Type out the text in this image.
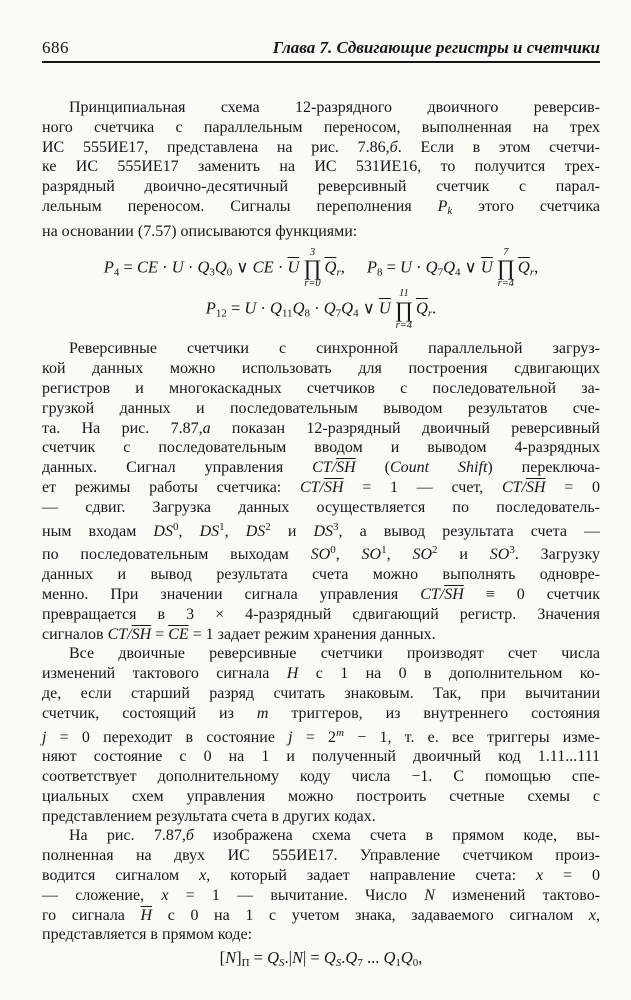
686	Глава 7. Сдвигающие регистры и счетчики
Принципиальная схема 12-разрядного двоичного реверсив-
ного счетчика с параллельным переносом, выполненная на трех
ИС 555ИЕ17, представлена на рис. 7.86,б. Если в этом счетчи-
ке ИС 555ИЕ17 заменить на ИС 531ИЕ16, то получится трех-
разрядный двоично-десятичный реверсивный счетчик с парал-
лельным переносом. Сигналы переполнения $P_k$ этого счетчика
на основании (7.57) описываются функциями:
P4 = CE · U · Q3Q0 ∨ CE · $\overline{U}$
3
∏
r=0
$\overline{Q}_r$, P8 = U · Q7Q4 ∨ $\overline{U}$
7
∏
r=4
$\overline{Q}_r$,
P12 = U · Q11Q8 · Q7Q4 ∨ $\overline{U}$
11
∏
r=4
$\overline{Q}_r$.
Реверсивные счетчики с синхронной параллельной загруз-
кой данных можно использовать для построения сдвигающих
регистров и многокаскадных счетчиков с последовательной за-
грузкой данных и последовательным выводом результатов сче-
та. На рис. 7.87,а показан 12-разрядный двоичный реверсивный
счетчик с последовательным вводом и выводом 4-разрядных
данных. Сигнал управления $CT/\overline{SH}$ (Count Shift) переключа-
ет режимы работы счетчика: $CT/\overline{SH} = 1$ — счет, $CT/\overline{SH} = 0$
— сдвиг. Загрузка данных осуществляется по последователь-
ным входам $DS^0$, $DS^1$, $DS^2$ и $DS^3$, а вывод результата счета —
по последовательным выходам $SO^0$, $SO^1$, $SO^2$ и $SO^3$. Загрузку
данных и вывод результата счета можно выполнять одновре-
менно. При значении сигнала управления $CT/\overline{SH} \equiv 0$ счетчик
превращается в 3 × 4-разрядный сдвигающий регистр. Значения
сигналов $CT/\overline{SH} = \overline{CE} = 1$ задает режим хранения данных.
Все двоичные реверсивные счетчики производят счет числа
изменений тактового сигнала H с 1 на 0 в дополнительном ко-
де, если старший разряд считать знаковым. Так, при вычитании
счетчик, состоящий из m триггеров, из внутреннего состояния
j = 0 переходит в состояние $j = 2^m - 1$, т. е. все триггеры изме-
няют состояние с 0 на 1 и полученный двоичный код 1.11...111
соответствует дополнительному коду числа −1. С помощью спе-
циальных схем управления можно построить счетные схемы с
представлением результата счета в других кодах.
На рис. 7.87,б изображена схема счета в прямом коде, вы-
полненная на двух ИС 555ИЕ17. Управление счетчиком произ-
водится сигналом x, который задает направление счета: x = 0
— сложение, x = 1 — вычитание. Число N изменений тактово-
го сигнала $\overline{H}$ с 0 на 1 с учетом знака, задаваемого сигналом x,
представляется в прямом коде:
$[N]П = Q_S.|N| = Q_S.Q7$ ... Q1Q0,
